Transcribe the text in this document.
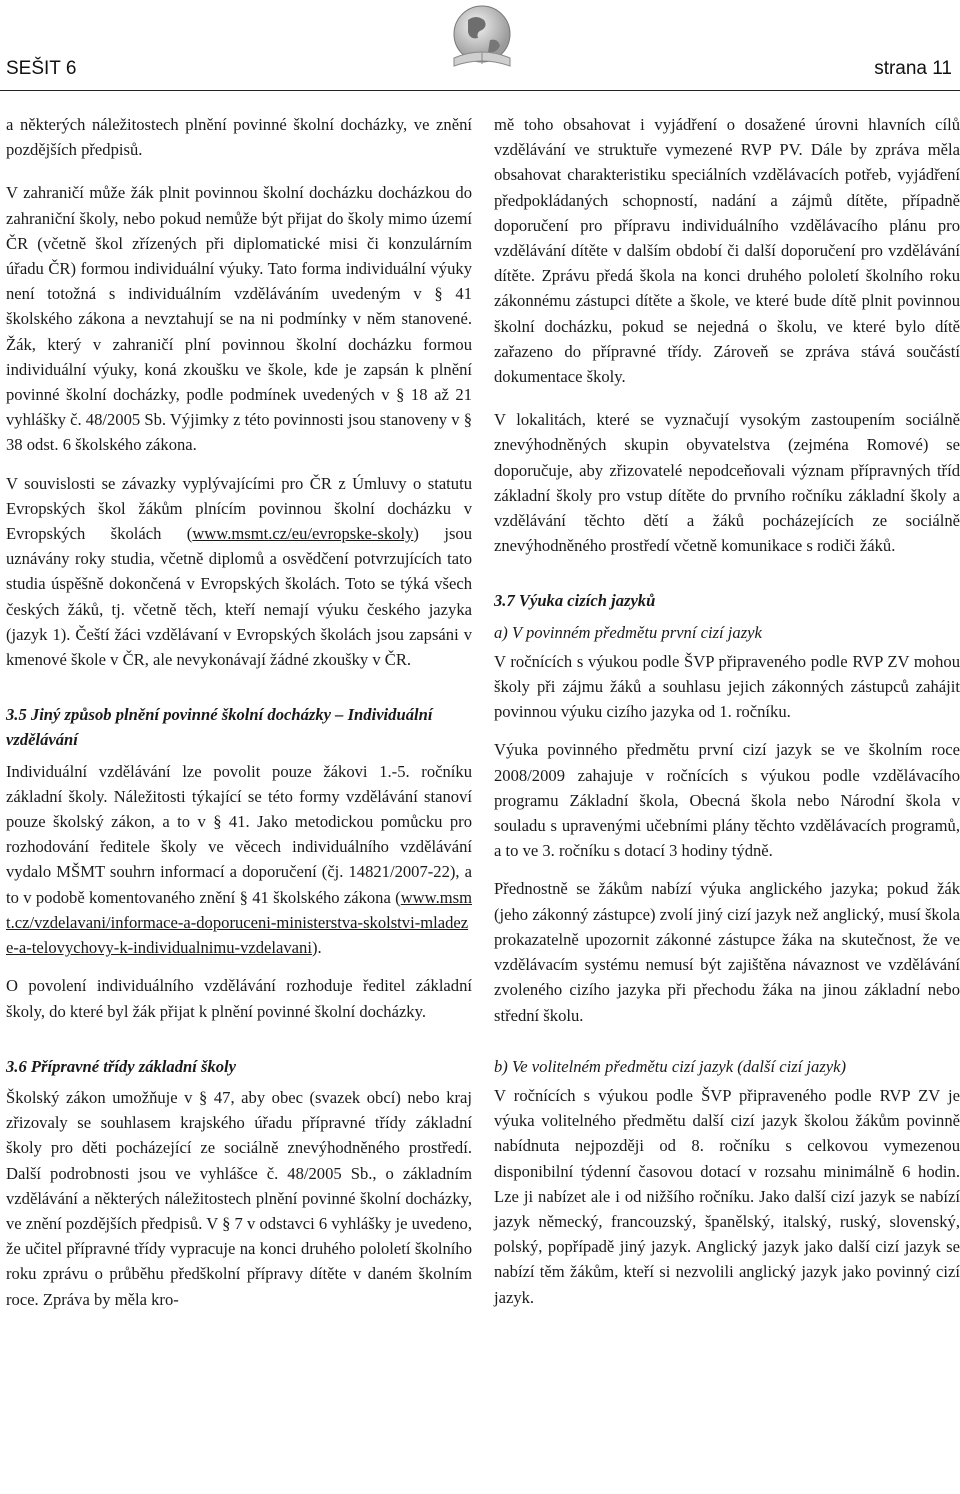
SEŠIT 6	strana 11

a některých náležitostech plnění povinné školní docházky, ve znění pozdějších předpisů.

V zahraničí může žák plnit povinnou školní docházku docházkou do zahraniční školy, nebo pokud nemůže být přijat do školy mimo území ČR (včetně škol zřízených při diplomatické misi či konzulárním úřadu ČR) formou individuální výuky. Tato forma individuální výuky není totožná s individuálním vzděláváním uvedeným v § 41 školského zákona a nevztahují se na ni podmínky v něm stanovené. Žák, který v zahraničí plní povinnou školní docházku formou individuální výuky, koná zkoušku ve škole, kde je zapsán k plnění povinné školní docházky, podle podmínek uvedených v § 18 až 21 vyhlášky č. 48/2005 Sb. Výjimky z této povinnosti jsou stanoveny v § 38 odst. 6 školského zákona.

V souvislosti se závazky vyplývajícími pro ČR z Úmluvy o statutu Evropských škol žákům plnícím povinnou školní docházku v Evropských školách (www.msmt.cz/eu/evropske-skoly) jsou uznávány roky studia, včetně diplomů a osvědčení potvrzujících tato studia úspěšně dokončená v Evropských školách. Toto se týká všech českých žáků, tj. včetně těch, kteří nemají výuku českého jazyka (jazyk 1). Čeští žáci vzdělávaní v Evropských školách jsou zapsáni v kmenové škole v ČR, ale nevykonávají žádné zkoušky v ČR.

3.5 Jiný způsob plnění povinné školní docházky – Individuální vzdělávání

Individuální vzdělávání lze povolit pouze žákovi 1.-5. ročníku základní školy. Náležitosti týkající se této formy vzdělávání stanoví pouze školský zákon, a to v § 41. Jako metodickou pomůcku pro rozhodování ředitele školy ve věcech individuálního vzdělávání vydalo MŠMT souhrn informací a doporučení (čj. 14821/2007-22), a to v podobě komentovaného znění § 41 školského zákona (www.msmt.cz/vzdelavani/informace-a-doporuceni-ministerstva-skolstvi-mladeze-a-telovychovy-k-individualnimu-vzdelavani).

O povolení individuálního vzdělávání rozhoduje ředitel základní školy, do které byl žák přijat k plnění povinné školní docházky.

3.6 Přípravné třídy základní školy

Školský zákon umožňuje v § 47, aby obec (svazek obcí) nebo kraj zřizovaly se souhlasem krajského úřadu přípravné třídy základní školy pro děti pocházející ze sociálně znevýhodněného prostředí. Další podrobnosti jsou ve vyhlášce č. 48/2005 Sb., o základním vzdělávání a některých náležitostech plnění povinné školní docházky, ve znění pozdějších předpisů. V § 7 v odstavci 6 vyhlášky je uvedeno, že učitel přípravné třídy vypracuje na konci druhého pololetí školního roku zprávu o průběhu předškolní přípravy dítěte v daném školním roce. Zpráva by měla kro-

mě toho obsahovat i vyjádření o dosažené úrovni hlavních cílů vzdělávání ve struktuře vymezené RVP PV. Dále by zpráva měla obsahovat charakteristiku speciálních vzdělávacích potřeb, vyjádření předpokládaných schopností, nadání a zájmů dítěte, případně doporučení pro přípravu individuálního vzdělávacího plánu pro vzdělávání dítěte v dalším období či další doporučení pro vzdělávání dítěte. Zprávu předá škola na konci druhého pololetí školního roku zákonnému zástupci dítěte a škole, ve které bude dítě plnit povinnou školní docházku, pokud se nejedná o školu, ve které bylo dítě zařazeno do přípravné třídy. Zároveň se zpráva stává součástí dokumentace školy.

V lokalitách, které se vyznačují vysokým zastoupením sociálně znevýhodněných skupin obyvatelstva (zejména Romové) se doporučuje, aby zřizovatelé nepodceňovali význam přípravných tříd základní školy pro vstup dítěte do prvního ročníku základní školy a vzdělávání těchto dětí a žáků pocházejících ze sociálně znevýhodněného prostředí včetně komunikace s rodiči žáků.

3.7 Výuka cizích jazyků
a) V povinném předmětu první cizí jazyk

V ročnících s výukou podle ŠVP připraveného podle RVP ZV mohou školy při zájmu žáků a souhlasu jejich zákonných zástupců zahájit povinnou výuku cizího jazyka od 1. ročníku.

Výuka povinného předmětu první cizí jazyk se ve školním roce 2008/2009 zahajuje v ročnících s výukou podle vzdělávacího programu Základní škola, Obecná škola nebo Národní škola v souladu s upravenými učebními plány těchto vzdělávacích programů, a to ve 3. ročníku s dotací 3 hodiny týdně.

Přednostně se žákům nabízí výuka anglického jazyka; pokud žák (jeho zákonný zástupce) zvolí jiný cizí jazyk než anglický, musí škola prokazatelně upozornit zákonné zástupce žáka na skutečnost, že ve vzdělávacím systému nemusí být zajištěna návaznost ve vzdělávání zvoleného cizího jazyka při přechodu žáka na jinou základní nebo střední školu.

b) Ve volitelném předmětu cizí jazyk (další cizí jazyk)

V ročnících s výukou podle ŠVP připraveného podle RVP ZV je výuka volitelného předmětu další cizí jazyk školou žákům povinně nabídnuta nejpozději od 8. ročníku s celkovou vymezenou disponibilní týdenní časovou dotací v rozsahu minimálně 6 hodin. Lze ji nabízet ale i od nižšího ročníku. Jako další cizí jazyk se nabízí jazyk německý, francouzský, španělský, italský, ruský, slovenský, polský, popřípadě jiný jazyk. Anglický jazyk jako další cizí jazyk se nabízí těm žákům, kteří si nezvolili anglický jazyk jako povinný cizí jazyk.
